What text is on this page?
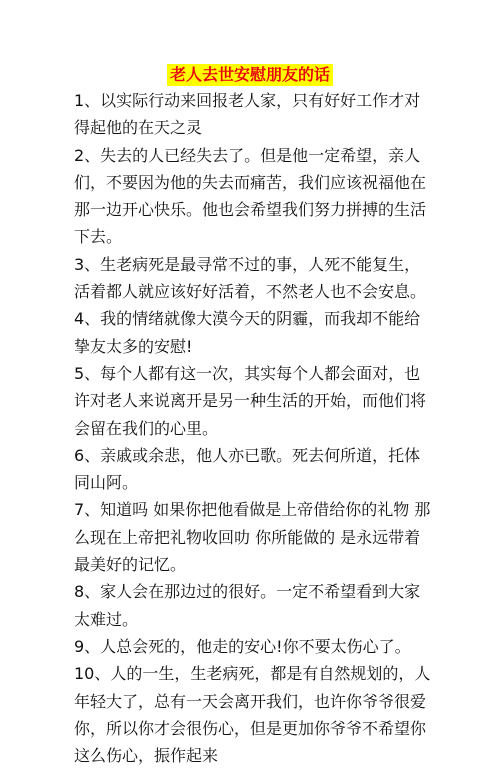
老人去世安慰朋友的话

1、以实际行动来回报老人家，只有好好工作才对得起他的在天之灵

2、失去的人已经失去了。但是他一定希望，亲人们，不要因为他的失去而痛苦，我们应该祝福他在那一边开心快乐。他也会希望我们努力拼搏的生活下去。

3、生老病死是最寻常不过的事，人死不能复生，活着都人就应该好好活着，不然老人也不会安息。

4、我的情绪就像大漠今天的阴霾，而我却不能给挚友太多的安慰!

5、每个人都有这一次，其实每个人都会面对，也许对老人来说离开是另一种生活的开始，而他们将会留在我们的心里。

6、亲戚或余悲，他人亦已歌。死去何所道，托体同山阿。

7、知道吗 如果你把他看做是上帝借给你的礼物 那么现在上帝把礼物收回叻 你所能做的 是永远带着最美好的记忆。

8、家人会在那边过的很好。一定不希望看到大家太难过。

9、人总会死的，他走的安心!你不要太伤心了。

10、人的一生，生老病死，都是有自然规划的，人年轻大了，总有一天会离开我们，也许你爷爷很爱你，所以你才会很伤心，但是更加你爷爷不希望你这么伤心，振作起来
